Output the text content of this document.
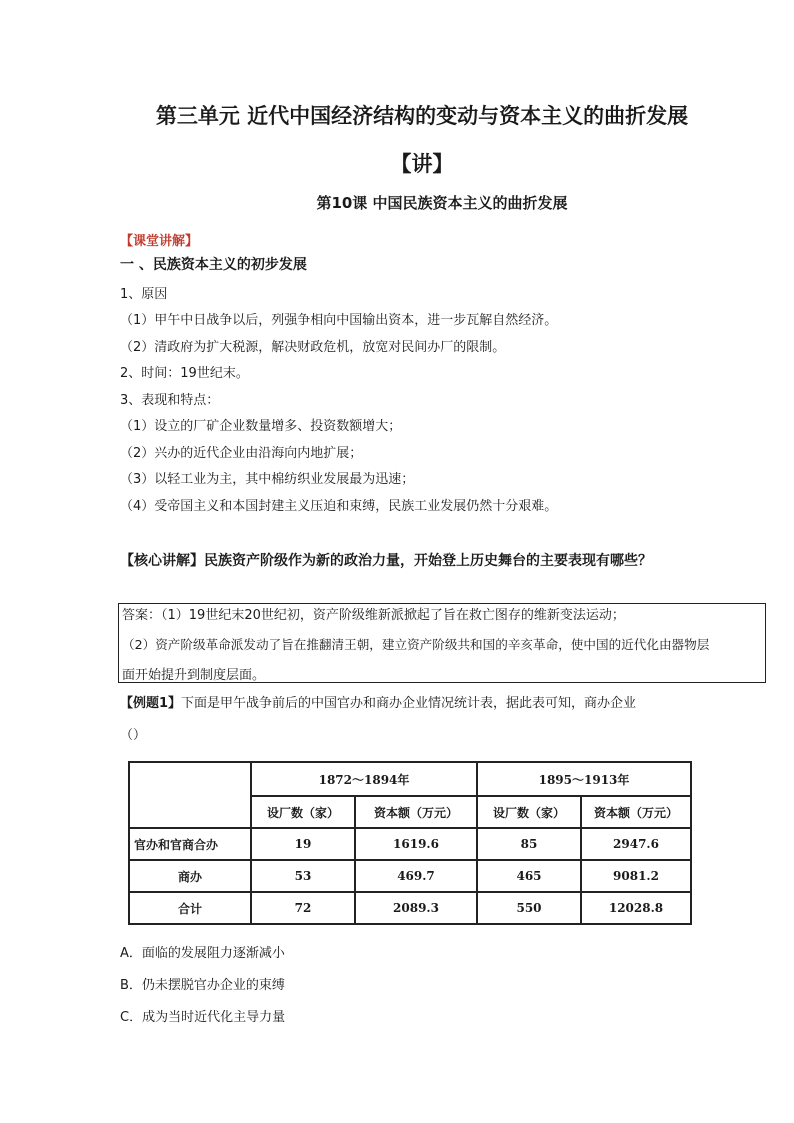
第三单元 近代中国经济结构的变动与资本主义的曲折发展
【讲】
第10课 中国民族资本主义的曲折发展
【课堂讲解】
一 、民族资本主义的初步发展
1、原因
（1）甲午中日战争以后，列强争相向中国输出资本，进一步瓦解自然经济。
（2）清政府为扩大税源，解决财政危机，放宽对民间办厂的限制。
2、时间：19世纪末。
3、表现和特点：
（1）设立的厂矿企业数量增多、投资数额增大；
（2）兴办的近代企业由沿海向内地扩展；
（3）以轻工业为主，其中棉纺织业发展最为迅速；
（4）受帝国主义和本国封建主义压迫和束缚，民族工业发展仍然十分艰难。
【核心讲解】民族资产阶级作为新的政治力量，开始登上历史舞台的主要表现有哪些？
答案：（1）19世纪末20世纪初，资产阶级维新派掀起了旨在救亡图存的维新变法运动；
（2）资产阶级革命派发动了旨在推翻清王朝，建立资产阶级共和国的辛亥革命，使中国的近代化由器物层
面开始提升到制度层面。
【例题1】下面是甲午战争前后的中国官办和商办企业情况统计表，据此表可知，商办企业
（）
	1872～1894年		1895～1913年	
	设厂数（家）	资本额（万元）	设厂数（家）	资本额（万元）
官办和官商合办	19	1619.6	85	2947.6
商办	53	469.7	465	9081.2
合计	72	2089.3	550	12028.8
A．面临的发展阻力逐渐减小
B．仍未摆脱官办企业的束缚
C．成为当时近代化主导力量
